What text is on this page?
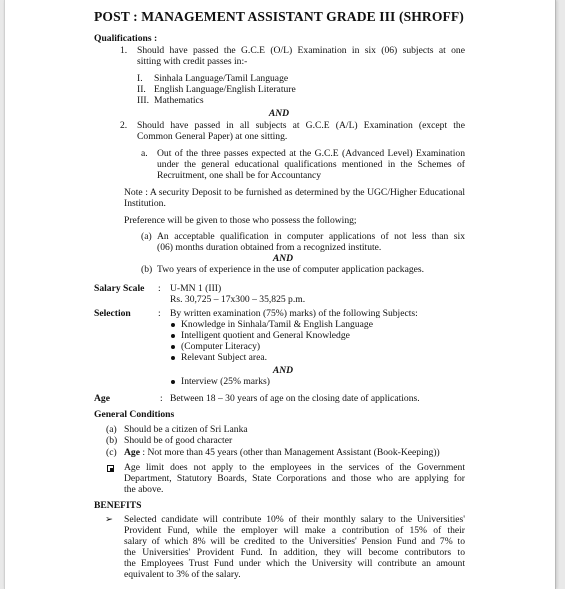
POST : MANAGEMENT ASSISTANT GRADE III (SHROFF)
Qualifications :
1. Should have passed the G.C.E (O/L) Examination in six (06) subjects at one
sitting with credit passes in:-
I. Sinhala Language/Tamil Language
II. English Language/English Literature
III. Mathematics
AND
2. Should have passed in all subjects at G.C.E (A/L) Examination (except the
Common General Paper) at one sitting.
a. Out of the three passes expected at the G.C.E (Advanced Level) Examination
under the general educational qualifications mentioned in the Schemes of
Recruitment, one shall be for Accountancy
Note : A security Deposit to be furnished as determined by the UGC/Higher Educational Institution.
Preference will be given to those who possess the following;
(a) An acceptable qualification in computer applications of not less than six
(06) months duration obtained from a recognized institute.
AND
(b) Two years of experience in the use of computer application packages.
Salary Scale : U-MN 1 (III)
Rs. 30,725 – 17x300 – 35,825 p.m.
Selection	: By written examination (75%) marks) of the following Subjects:
Knowledge in Sinhala/Tamil & English Language
Intelligent quotient and General Knowledge
(Computer Literacy)
Relevant Subject area.
AND
Interview (25% marks)
Age	: Between 18 – 30 years of age on the closing date of applications.
General Conditions
(a) Should be a citizen of Sri Lanka
(b) Should be of good character
(c) Age : Not more than 45 years (other than Management Assistant (Book-Keeping))
Age limit does not apply to the employees in the services of the Government
Department, Statutory Boards, State Corporations and those who are applying for
the above.
BENEFITS
➢ Selected candidate will contribute 10% of their monthly salary to the Universities'
Provident Fund, while the employer will make a contribution of 15% of their
salary of which 8% will be credited to the Universities' Pension Fund and 7% to
the Universities' Provident Fund. In addition, they will become contributors to
the Employees Trust Fund under which the University will contribute an amount
equivalent to 3% of the salary.
